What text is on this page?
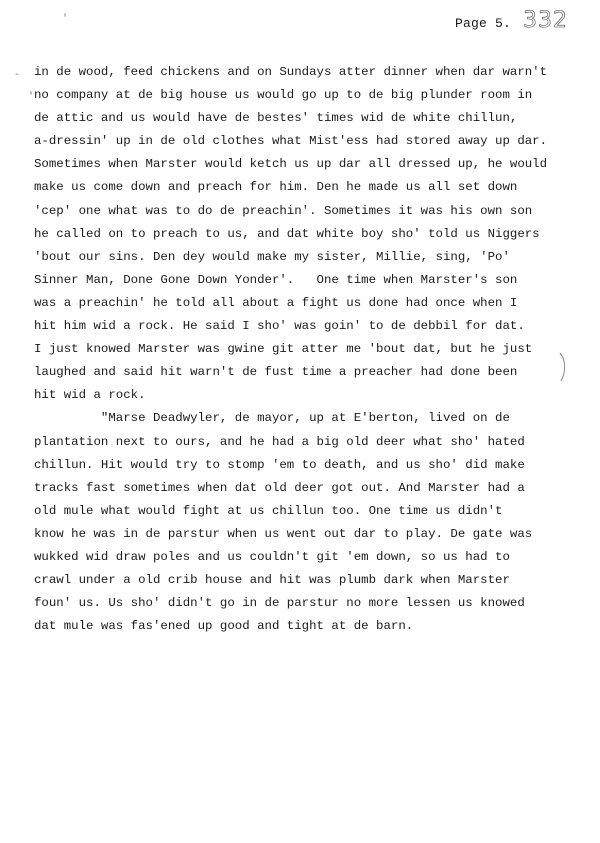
Page 5. 332
'
-
'
in de wood, feed chickens and on Sundays atter dinner when dar warn't
no company at de big house us would go up to de big plunder room in
de attic and us would have de bestes' times wid de white chillun,
a-dressin' up in de old clothes what Mist'ess had stored away up dar.
Sometimes when Marster would ketch us up dar all dressed up, he would
make us come down and preach for him. Den he made us all set down
'cep' one what was to do de preachin'. Sometimes it was his own son
he called on to preach to us, and dat white boy sho' told us Niggers
'bout our sins. Den dey would make my sister, Millie, sing, 'Po'
Sinner Man, Done Gone Down Yonder'.   One time when Marster's son
was a preachin' he told all about a fight us done had once when I
hit him wid a rock. He said I sho' was goin' to de debbil for dat.
I just knowed Marster was gwine git atter me 'bout dat, but he just
laughed and said hit warn't de fust time a preacher had done been
hit wid a rock.
"Marse Deadwyler, de mayor, up at E'berton, lived on de
plantation next to ours, and he had a big old deer what sho' hated
chillun. Hit would try to stomp 'em to death, and us sho' did make
tracks fast sometimes when dat old deer got out. And Marster had a
old mule what would fight at us chillun too. One time us didn't
know he was in de parstur when us went out dar to play. De gate was
wukked wid draw poles and us couldn't git 'em down, so us had to
crawl under a old crib house and hit was plumb dark when Marster
foun' us. Us sho' didn't go in de parstur no more lessen us knowed
dat mule was fas'ened up good and tight at de barn.
